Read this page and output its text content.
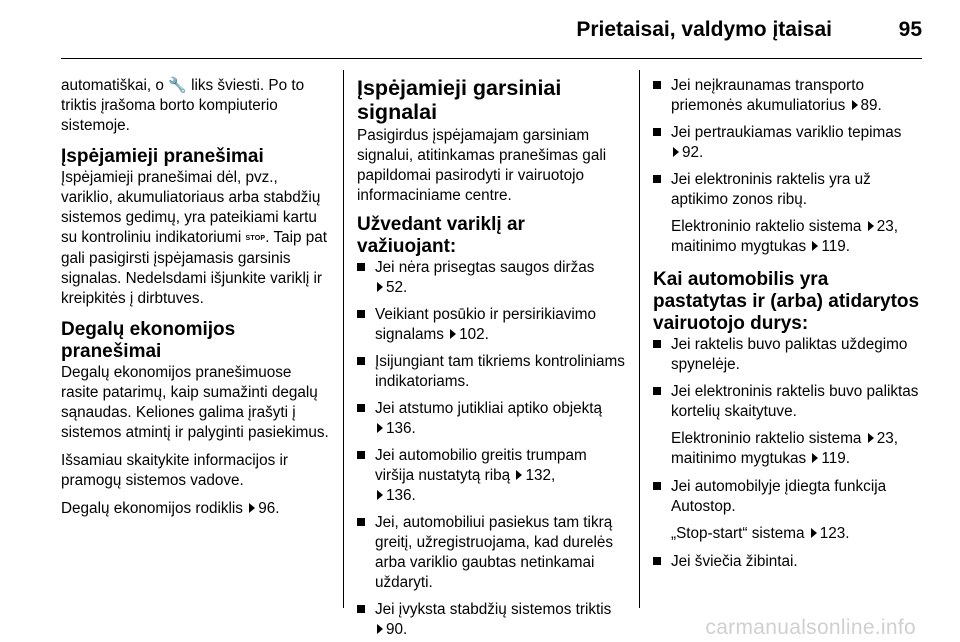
Prietaisai, valdymo įtaisai	95

automatiškai, o 🔧 liks šviesti. Po to triktis įrašoma borto kompiuterio sistemoje.

Įspėjamieji pranešimai

Įspėjamieji pranešimai dėl, pvz., variklio, akumuliatoriaus arba stabdžių sistemos gedimų, yra pateikiami kartu su kontroliniu indikatoriumi STOP. Taip pat gali pasigirsti įspėjamasis garsinis signalas. Nedelsdami išjunkite variklį ir kreipkitės į dirbtuves.

Degalų ekonomijos pranešimai

Degalų ekonomijos pranešimuose rasite patarimų, kaip sumažinti degalų sąnaudas. Keliones galima įrašyti į sistemos atmintį ir palyginti pasiekimus.

Išsamiau skaitykite informacijos ir pramogų sistemos vadove.

Degalų ekonomijos rodiklis 96.

Įspėjamieji garsiniai signalai

Pasigirdus įspėjamajam garsiniam signalui, atitinkamas pranešimas gali papildomai pasirodyti ir vairuotojo informaciniame centre.

Užvedant variklį ar važiuojant:
Jei nėra prisegtas saugos diržas
52.
Veikiant posūkio ir persirikiavimo signalams 102.
Įsijungiant tam tikriems kontroliniams indikatoriams.
Jei atstumo jutikliai aptiko objektą
136.
Jei automobilio greitis trumpam viršija nustatytą ribą 132,
136.
Jei, automobiliui pasiekus tam tikrą greitį, užregistruojama, kad durelės arba variklio gaubtas netinkamai uždaryti.
Jei įvyksta stabdžių sistemos triktis
90.
Jei neįkraunamas transporto priemonės akumuliatorius 89.
Jei pertraukiamas variklio tepimas
92.
Jei elektroninis raktelis yra už aptikimo zonos ribų.

Elektroninio raktelio sistema 23, maitinimo mygtukas 119.

Kai automobilis yra pastatytas ir (arba) atidarytos vairuotojo durys:
Jei raktelis buvo paliktas uždegimo spynelėje.
Jei elektroninis raktelis buvo paliktas kortelių skaitytuve.

Elektroninio raktelio sistema 23, maitinimo mygtukas 119.

Jei automobilyje įdiegta funkcija Autostop.

„Stop-start“ sistema 123.

Jei šviečia žibintai.
carmanualsonline.info
